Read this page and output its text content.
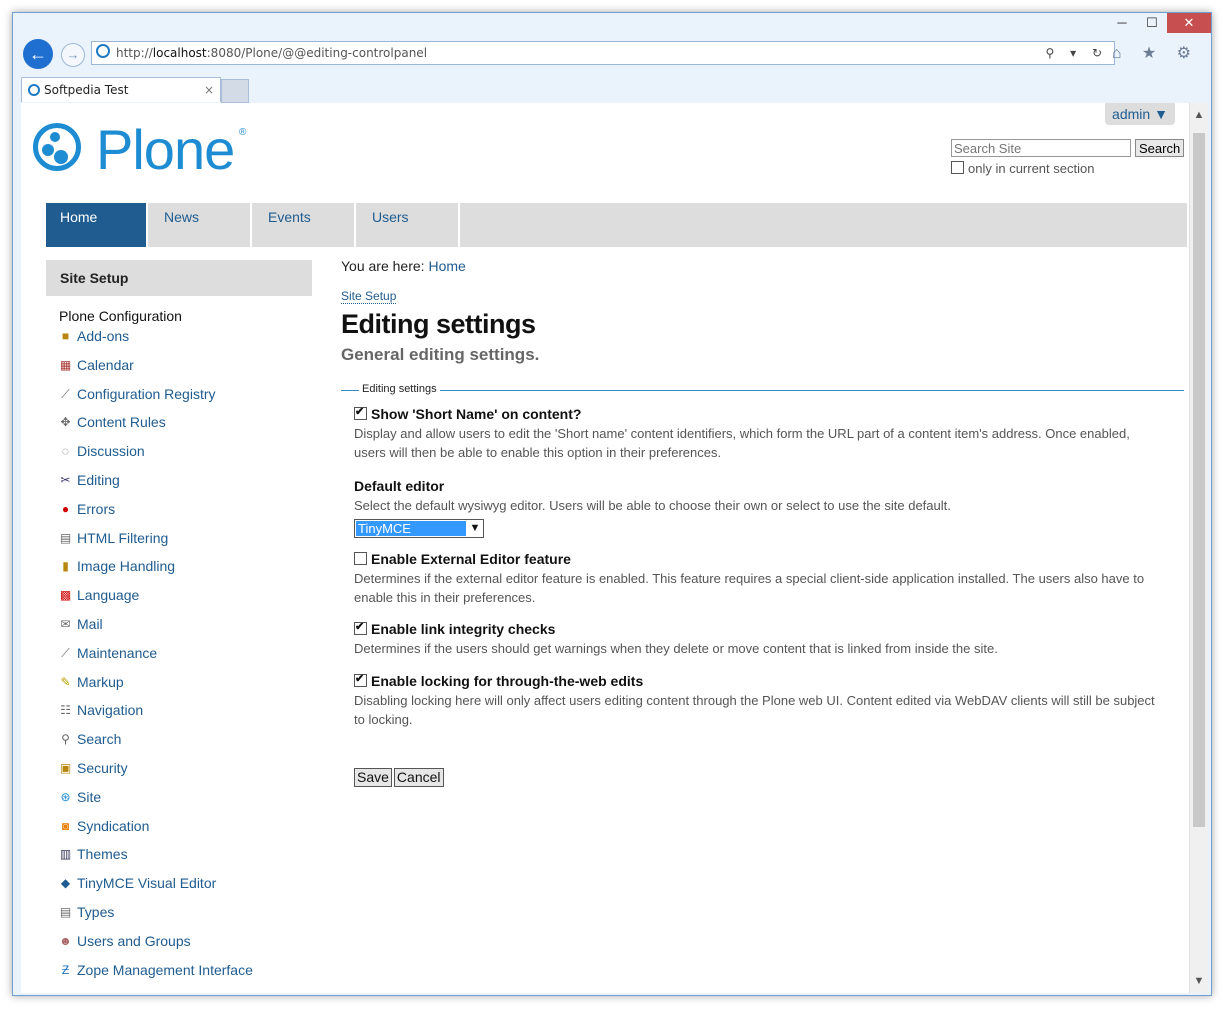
─	☐	✕
←	→	http://localhost:8080/Plone/@@editing-controlpanel	⚲ ▾ ↻ ⌂ ★ ⚙
Softpedia Test	×
admin ▼
Plone ®
Search SiteSearch
only in current section
Home	News	Events	Users
Site Setup
Plone Configuration
■ Add-ons
▦ Calendar
⟋ Configuration Registry
✥ Content Rules
◌ Discussion
✂ Editing
● Errors
▤ HTML Filtering
▮ Image Handling
▩ Language
✉ Mail
⟋ Maintenance
✎ Markup
☷ Navigation
⚲ Search
▣ Security
⊛ Site
◙ Syndication
▥ Themes
◆ TinyMCE Visual Editor
▤ Types
☻ Users and Groups
Ƶ Zope Management Interface
You are here: Home
Site Setup
Editing settings
General editing settings.
Editing settings
✔Show 'Short Name' on content?
Display and allow users to edit the 'Short name' content identifiers, which form the URL part of a content item's address. Once enabled, users will then be able to enable this option in their preferences.
Default editor
Select the default wysiwyg editor. Users will be able to choose their own or select to use the site default.
TinyMCE	▼
Enable External Editor feature
Determines if the external editor feature is enabled. This feature requires a special client-side application installed. The users also have to enable this in their preferences.
✔Enable link integrity checks
Determines if the users should get warnings when they delete or move content that is linked from inside the site.
✔Enable locking for through-the-web edits
Disabling locking here will only affect users editing content through the Plone web UI. Content edited via WebDAV clients will still be subject to locking.
Save Cancel
▲
▼
